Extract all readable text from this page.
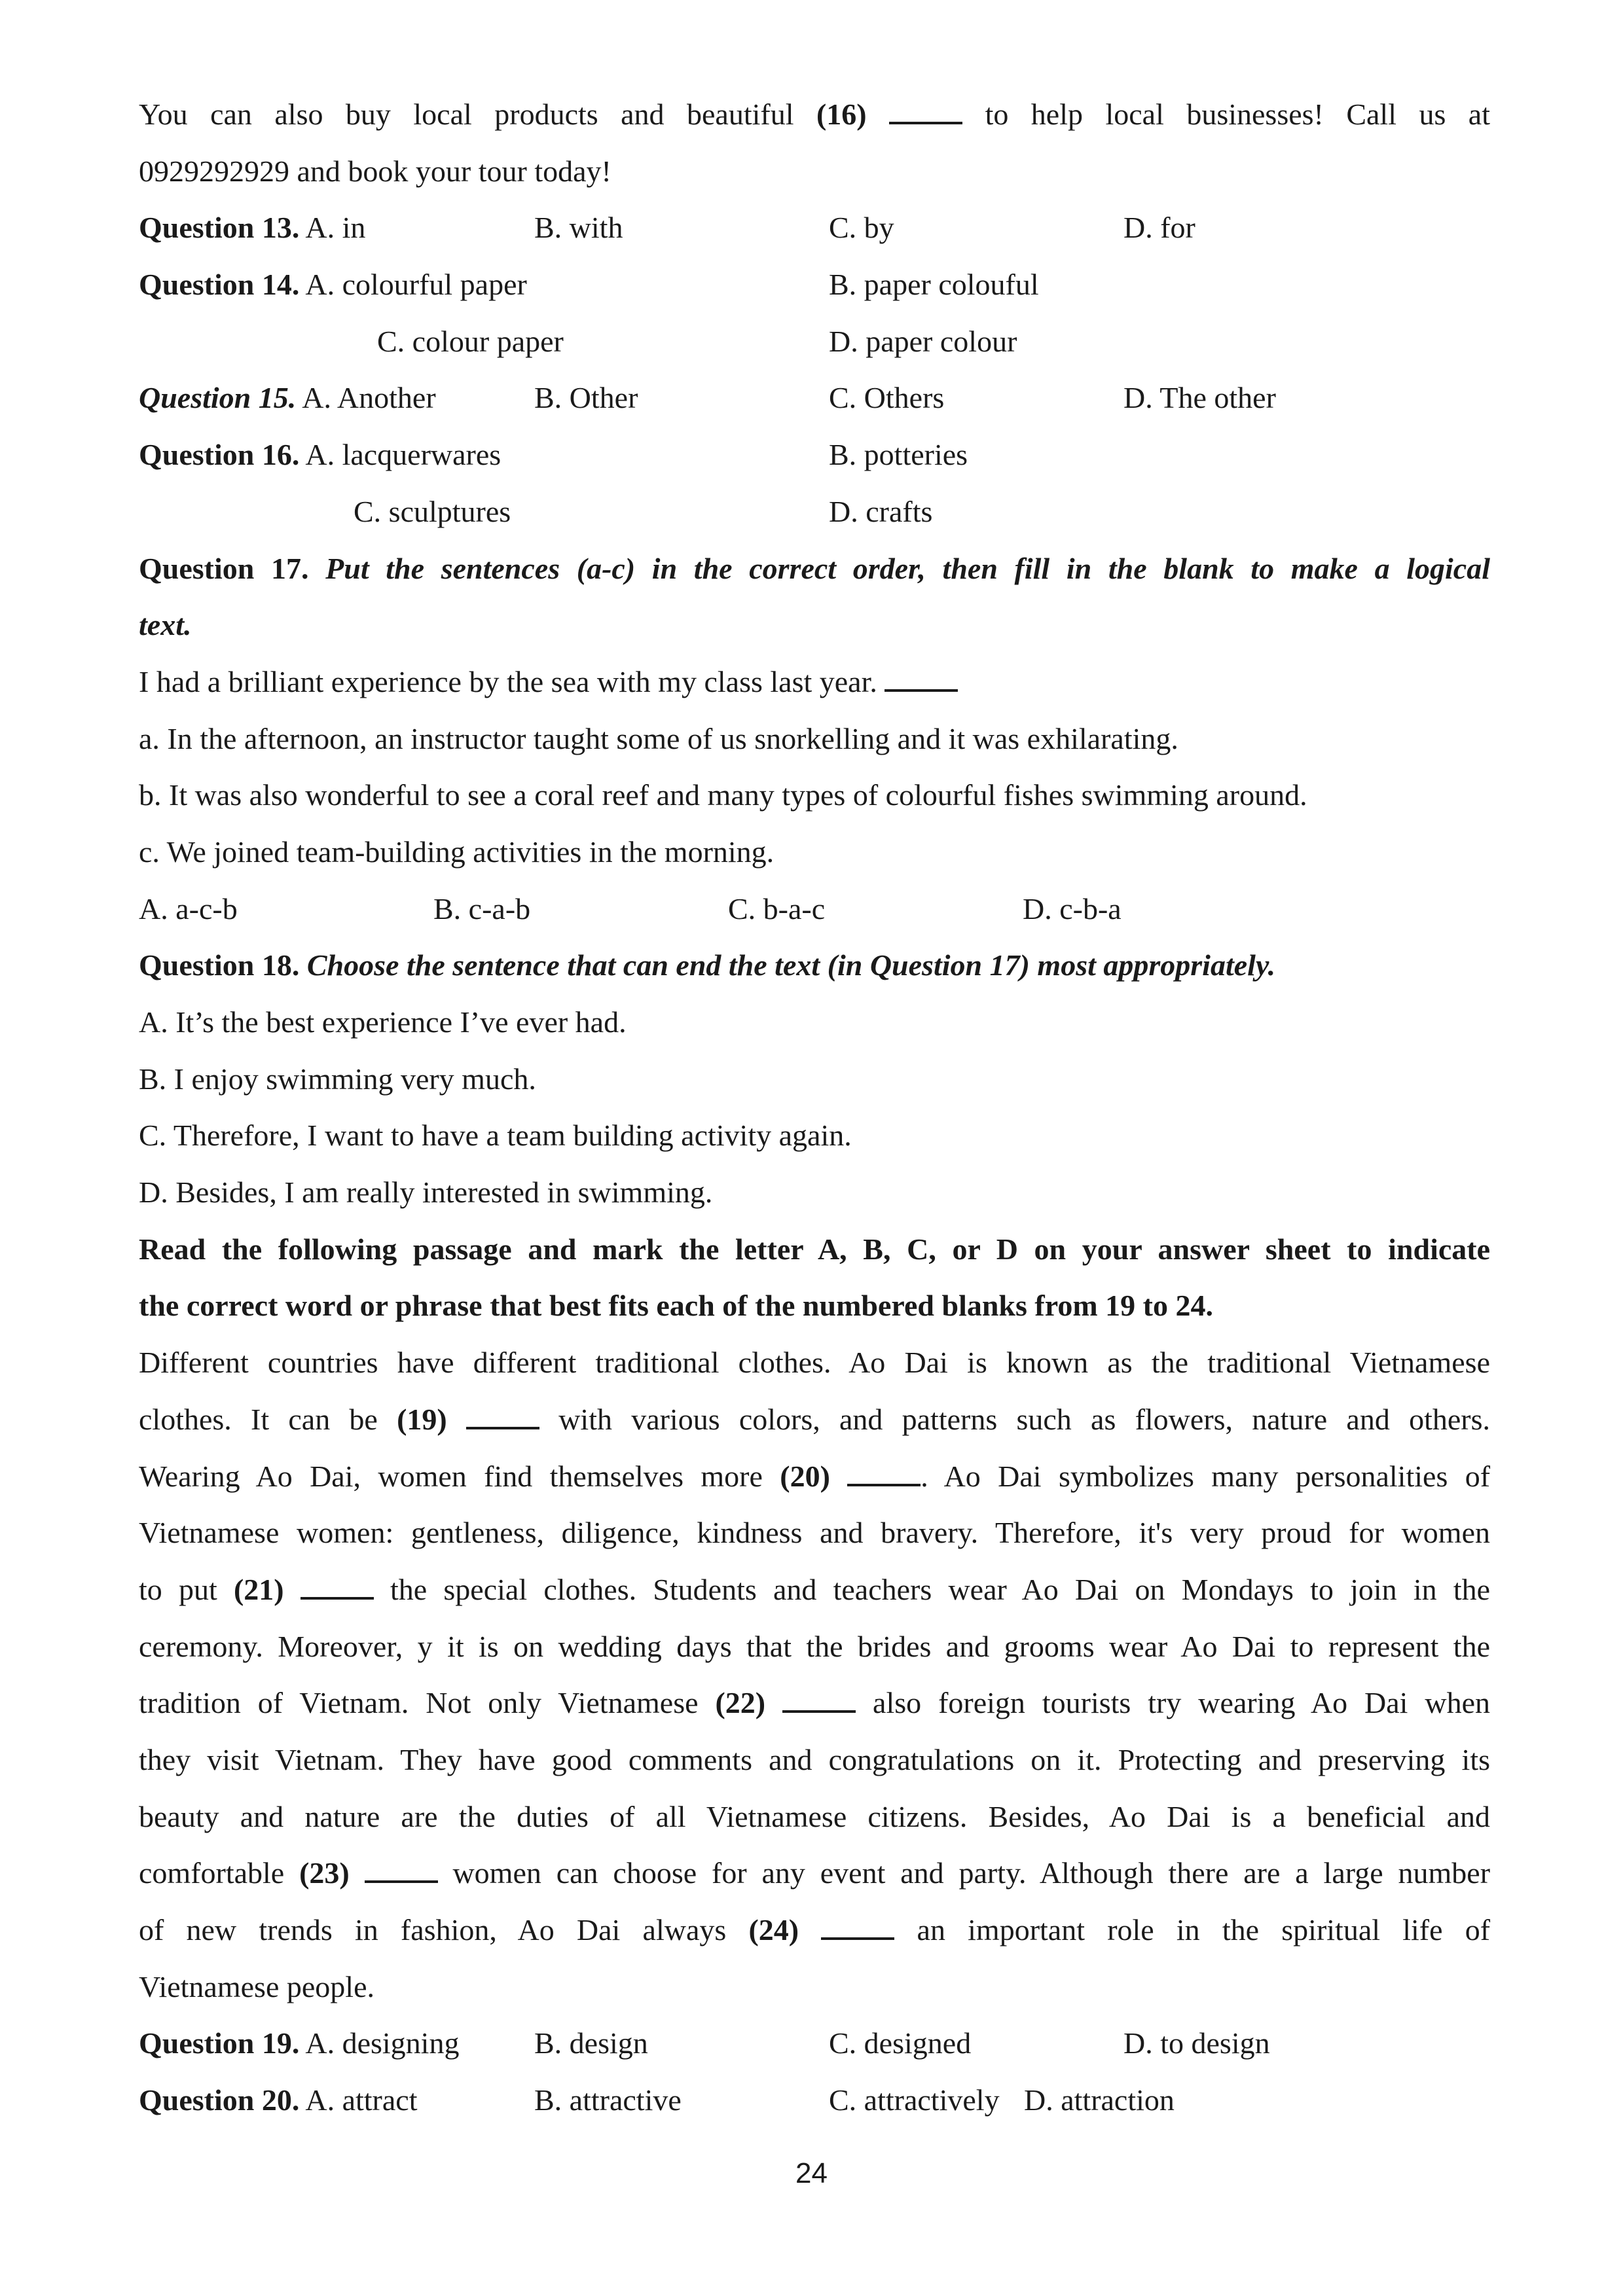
You can also buy local products and beautiful (16)	to help local businesses! Call us at
0929292929 and book your tour today!
Question 13. A. in	B. with	C. by	D. for
Question 14. A. colourful paper	B. paper colouful
C. colour paper	D. paper colour
Question 15. A. Another	B. Other	C. Others	D. The other
Question 16. A. lacquerwares	B. potteries
C. sculptures	D. crafts
Question 17. Put the sentences (a-c) in the correct order, then fill in the blank to make a logical
text.
I had a brilliant experience by the sea with my class last year.
a. In the afternoon, an instructor taught some of us snorkelling and it was exhilarating.
b. It was also wonderful to see a coral reef and many types of colourful fishes swimming around.
c. We joined team-building activities in the morning.
A. a-c-b	B. c-a-b	C. b-a-c	D. c-b-a
Question 18. Choose the sentence that can end the text (in Question 17) most appropriately.
A. It’s the best experience I’ve ever had.
B. I enjoy swimming very much.
C. Therefore, I want to have a team building activity again.
D. Besides, I am really interested in swimming.
Read the following passage and mark the letter A, B, C, or D on your answer sheet to indicate
the correct word or phrase that best fits each of the numbered blanks from 19 to 24.
Different countries have different traditional clothes. Ao Dai is known as the traditional Vietnamese
clothes. It can be (19)	with various colors, and patterns such as flowers, nature and others.
Wearing Ao Dai, women find themselves more (20)	. Ao Dai symbolizes many personalities of
Vietnamese women: gentleness, diligence, kindness and bravery. Therefore, it's very proud for women
to put (21)	the special clothes. Students and teachers wear Ao Dai on Mondays to join in the
ceremony. Moreover, y it is on wedding days that the brides and grooms wear Ao Dai to represent the
tradition of Vietnam. Not only Vietnamese (22)	also foreign tourists try wearing Ao Dai when
they visit Vietnam. They have good comments and congratulations on it. Protecting and preserving its
beauty and nature are the duties of all Vietnamese citizens. Besides, Ao Dai is a beneficial and
comfortable (23)	women can choose for any event and party. Although there are a large number
of new trends in fashion, Ao Dai always (24)	an important role in the spiritual life of
Vietnamese people.
Question 19. A. designing B. design	C. designed	D. to design
Question 20. A. attract	B. attractive	C. attractively D. attraction
24
